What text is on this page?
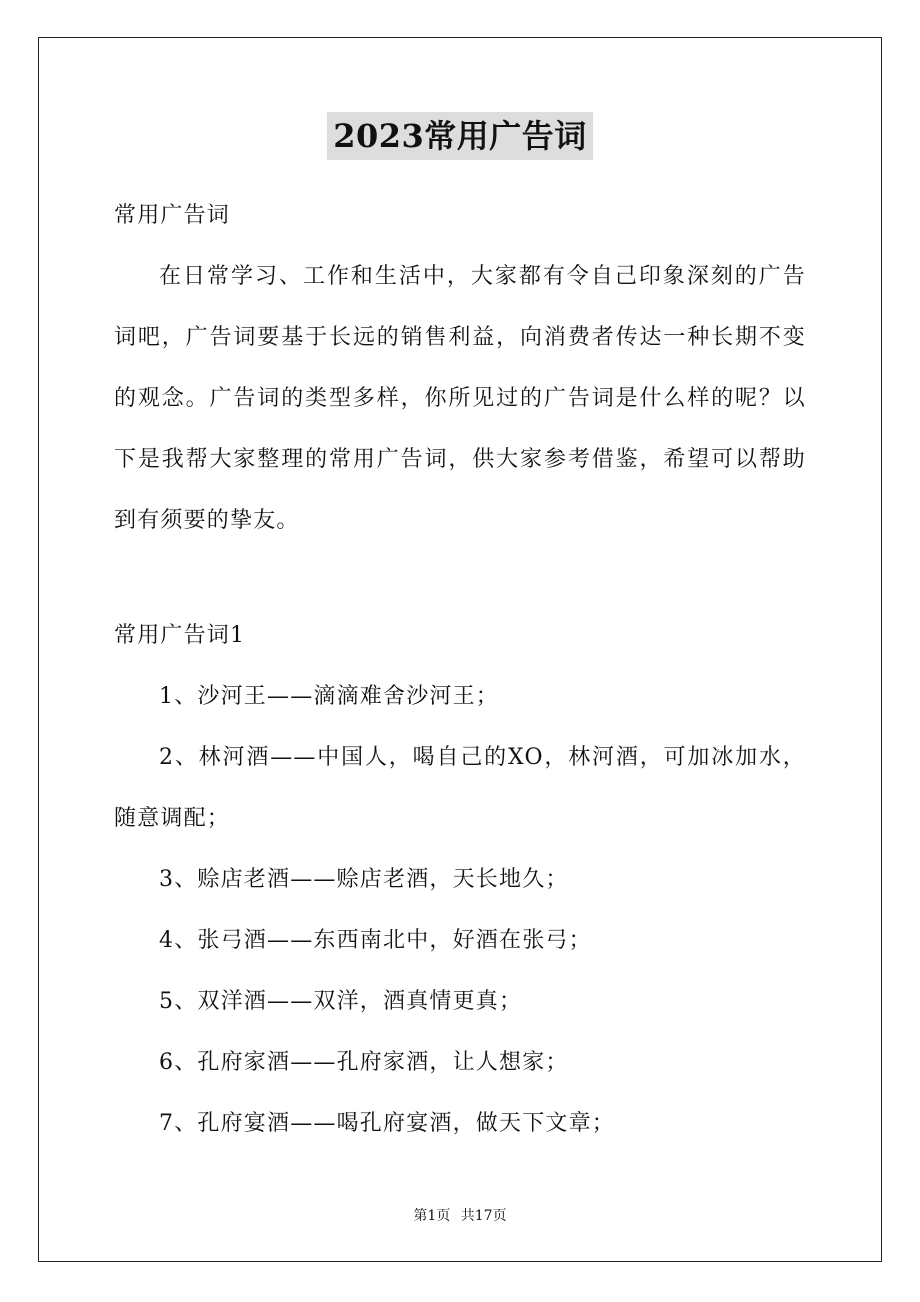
2023常用广告词

常用广告词

在日常学习、工作和生活中，大家都有令自己印象深刻的广告词吧，广告词要基于长远的销售利益，向消费者传达一种长期不变的观念。广告词的类型多样，你所见过的广告词是什么样的呢？以下是我帮大家整理的常用广告词，供大家参考借鉴，希望可以帮助到有须要的挚友。

常用广告词1

1、沙河王——滴滴难舍沙河王；
2、林河酒——中国人，喝自己的XO，林河酒，可加冰加水，随意调配；
3、赊店老酒——赊店老酒，天长地久；
4、张弓酒——东西南北中，好酒在张弓；
5、双洋酒——双洋，酒真情更真；
6、孔府家酒——孔府家酒，让人想家；
7、孔府宴酒——喝孔府宴酒，做天下文章；
第1页 共17页
